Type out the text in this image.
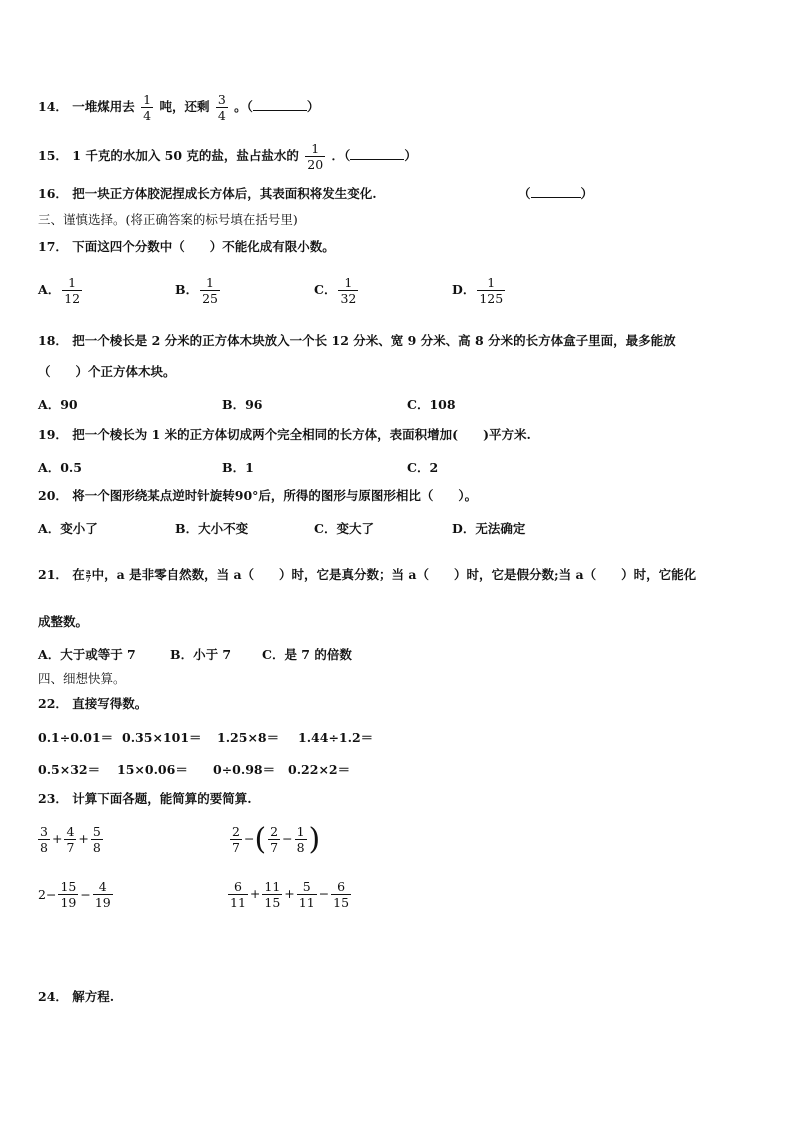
14． 一堆煤用去 $\frac{1}{4}$ 吨，还剩 $\frac{3}{4}$ 。（	）
15． 1 千克的水加入 50 克的盐，盐占盐水的 $\frac{1}{20}$ ．（	）
16． 把一块正方体胶泥捏成长方体后，其表面积将发生变化.	（	）
三、谨慎选择。(将正确答案的标号填在括号里)
17． 下面这四个分数中（　　）不能化成有限小数。
A． $\frac{1}{12}$	B． $\frac{1}{25}$	C． $\frac{1}{32}$	D． $\frac{1}{125}$
18． 把一个棱长是 2 分米的正方体木块放入一个长 12 分米、宽 9 分米、高 8 分米的长方体盒子里面，最多能放
（　　）个正方体木块。
A．90	B．96	C．108
19． 把一个棱长为 1 米的正方体切成两个完全相同的长方体，表面积增加(　　)平方米.
A．0.5	B．1	C．2
20． 将一个图形绕某点逆时针旋转90°后，所得的图形与原图形相比（　　）。
A．变小了	B．大小不变	C．变大了	D．无法确定
21． 在 $\frac{a}{7}$ 中，a 是非零自然数，当 a（　　）时，它是真分数；当 a（　　）时，它是假分数;当 a（　　）时，它能化
成整数。
A．大于或等于 7	B．小于 7 C．是 7 的倍数
四、细想快算。
22． 直接写得数。
0.1÷0.01＝ 0.35×101＝ 1.25×8＝ 1.44÷1.2＝
0.5×32＝ 15×0.06＝ 0÷0.98＝ 0.22×2＝
23． 计算下面各题，能简算的要简算.
$\frac{3}{8} + \frac{4}{7} + \frac{5}{8}$	$\frac{2}{7}$ −( $\frac{2}{7} - \frac{1}{8}$ )
$2- \frac{15}{19} - \frac{4}{19}$	$\frac{6}{11} + \frac{11}{15} + \frac{5}{11} - \frac{6}{15}$
24． 解方程.
